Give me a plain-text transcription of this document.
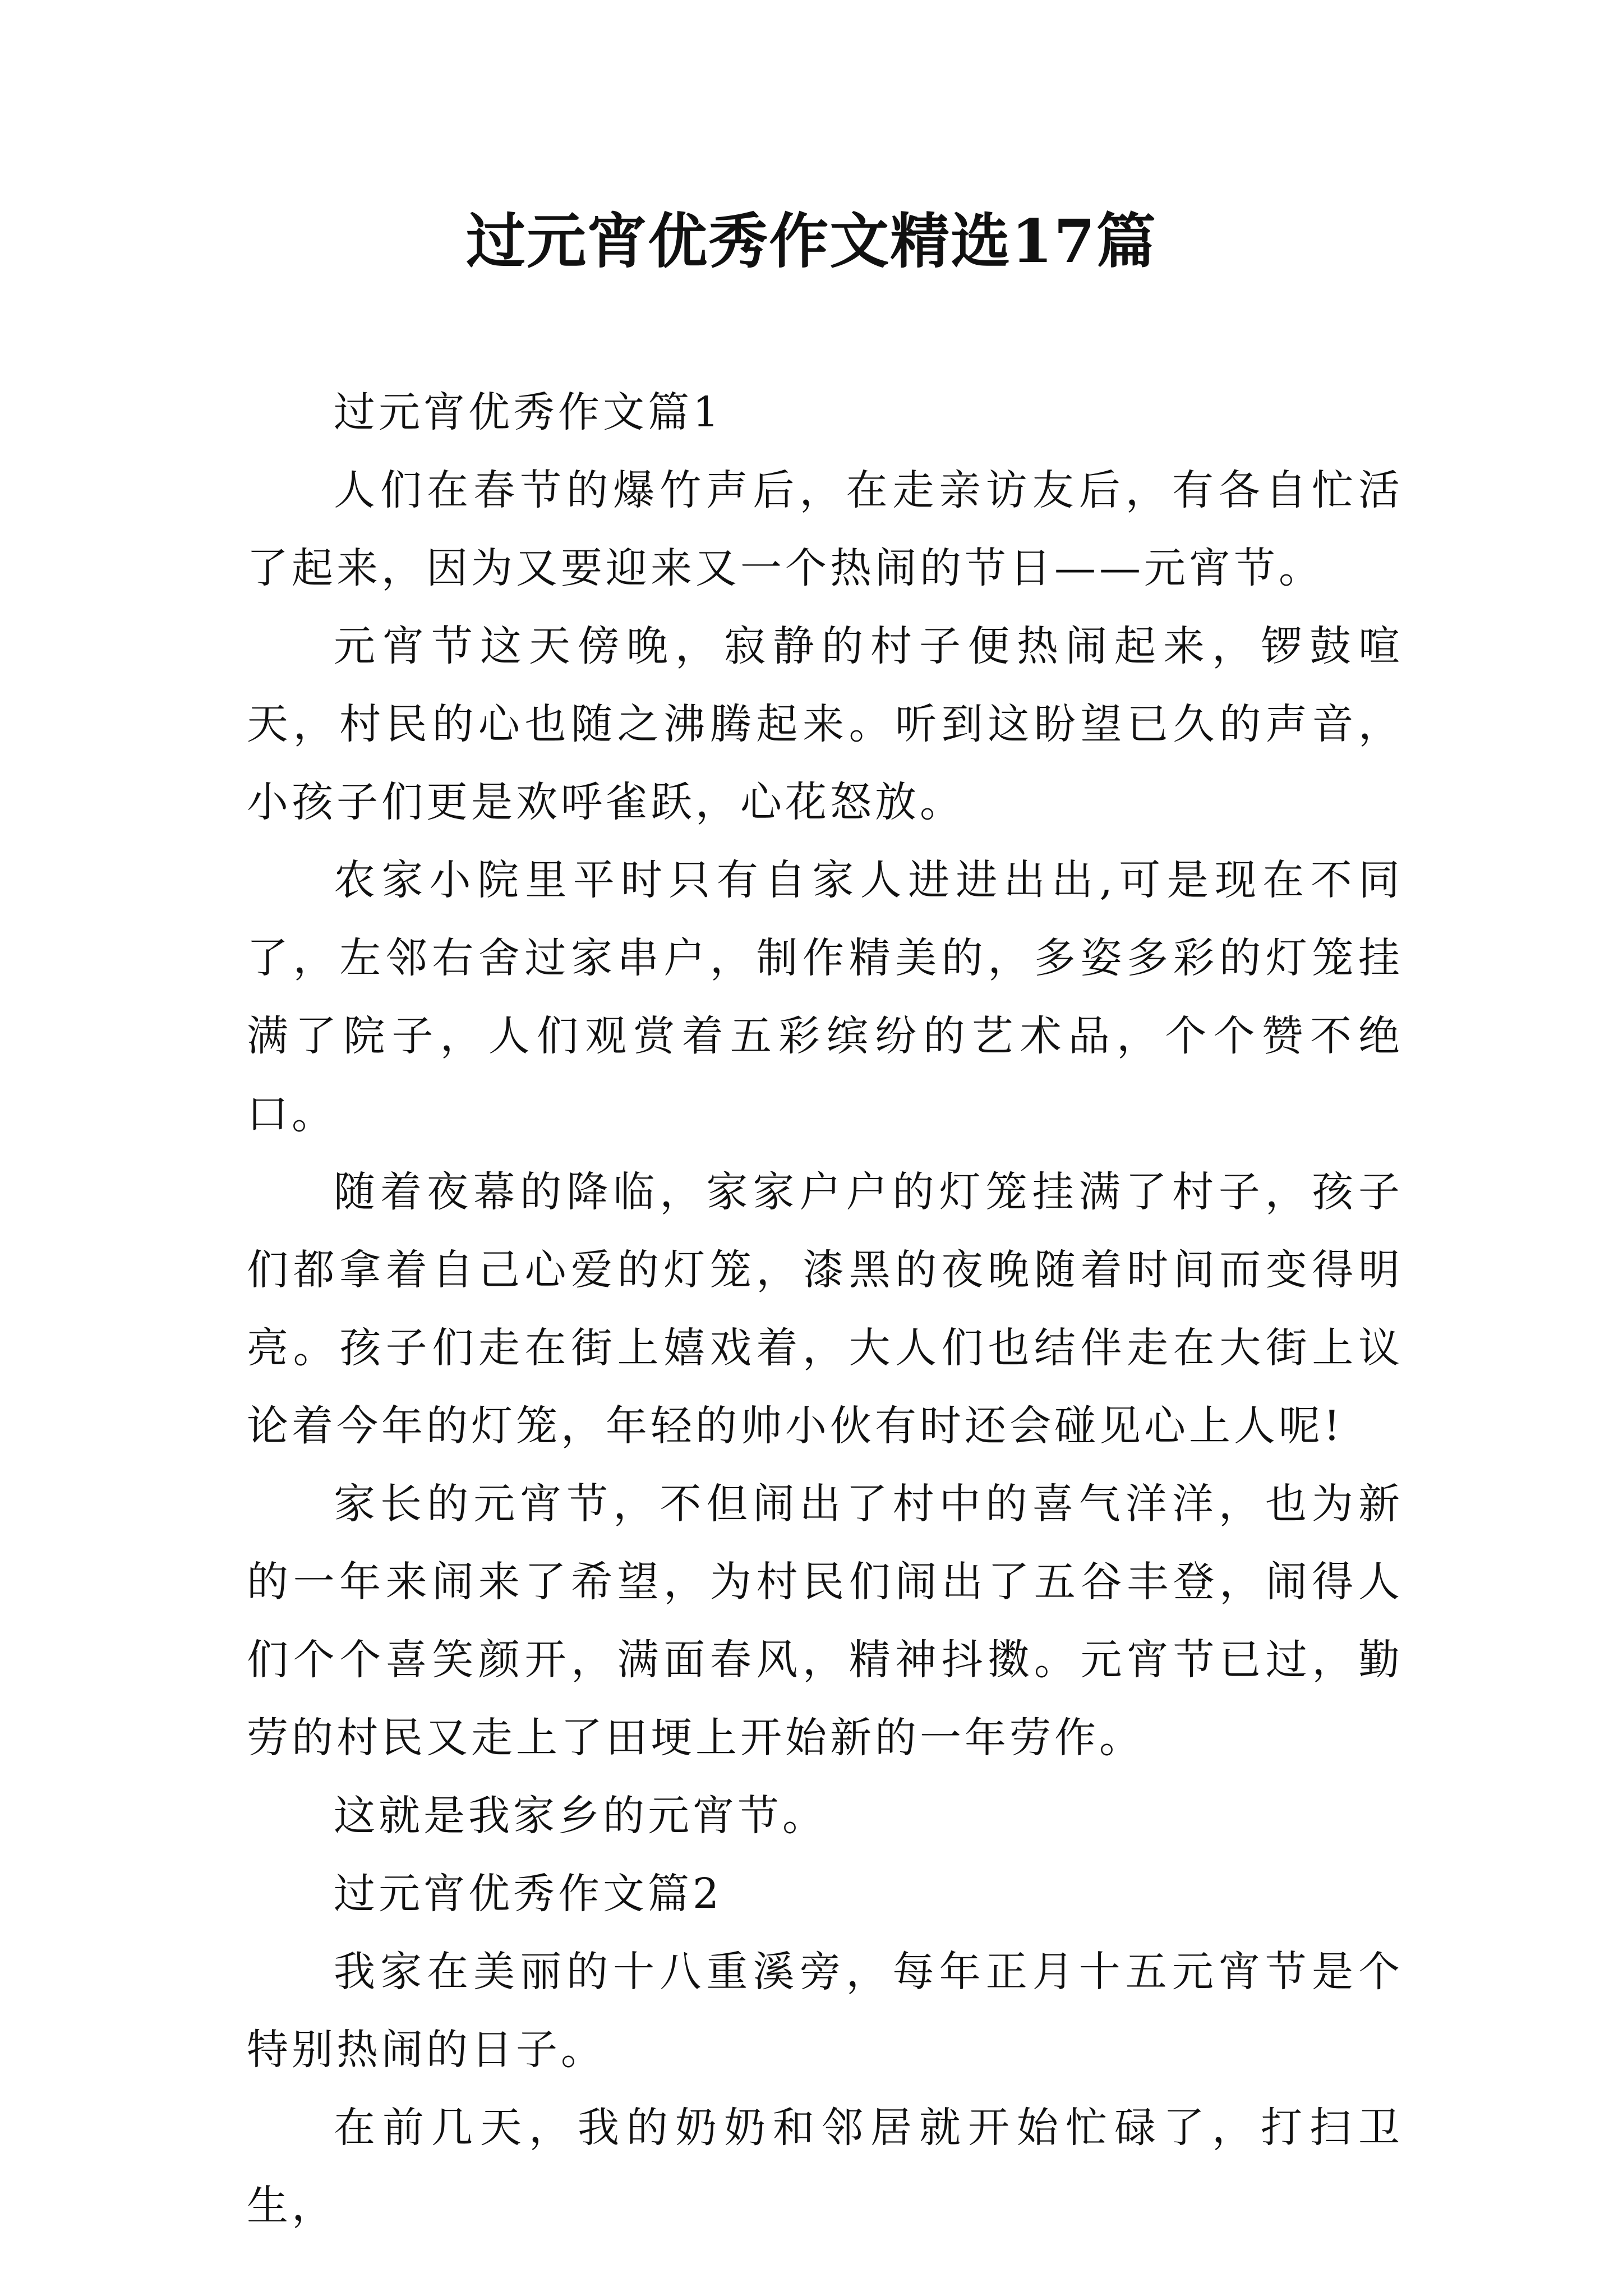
过元宵优秀作文精选17篇

过元宵优秀作文篇1

人们在春节的爆竹声后，在走亲访友后，有各自忙活了起来，因为又要迎来又一个热闹的节日——元宵节。

元宵节这天傍晚，寂静的村子便热闹起来，锣鼓喧天，村民的心也随之沸腾起来。听到这盼望已久的声音，小孩子们更是欢呼雀跃，心花怒放。

农家小院里平时只有自家人进进出出,可是现在不同了，左邻右舍过家串户，制作精美的，多姿多彩的灯笼挂满了院子，人们观赏着五彩缤纷的艺术品，个个赞不绝口。

随着夜幕的降临，家家户户的灯笼挂满了村子，孩子们都拿着自己心爱的灯笼，漆黑的夜晚随着时间而变得明亮。孩子们走在街上嬉戏着，大人们也结伴走在大街上议论着今年的灯笼，年轻的帅小伙有时还会碰见心上人呢!

家长的元宵节，不但闹出了村中的喜气洋洋，也为新的一年来闹来了希望，为村民们闹出了五谷丰登，闹得人们个个喜笑颜开，满面春风，精神抖擞。元宵节已过，勤劳的村民又走上了田埂上开始新的一年劳作。

这就是我家乡的元宵节。

过元宵优秀作文篇2

我家在美丽的十八重溪旁，每年正月十五元宵节是个特别热闹的日子。

在前几天，我的奶奶和邻居就开始忙碌了，打扫卫生，
